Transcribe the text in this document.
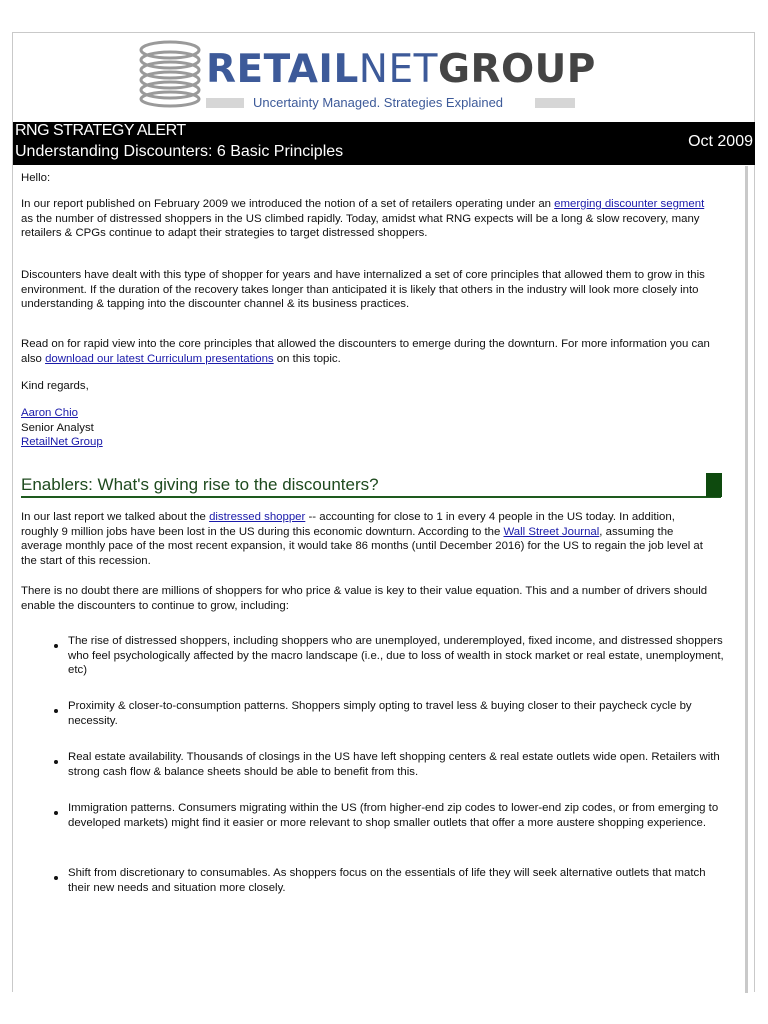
RETAILNETGROUP
Uncertainty Managed. Strategies Explained
RNG STRATEGY ALERT
Understanding Discounters: 6 Basic Principles
Oct 2009
Hello:
In our report published on February 2009 we introduced the notion of a set of retailers operating under an emerging discounter segment as the number of distressed shoppers in the US climbed rapidly. Today, amidst what RNG expects will be a long & slow recovery, many retailers & CPGs continue to adapt their strategies to target distressed shoppers.
Discounters have dealt with this type of shopper for years and have internalized a set of core principles that allowed them to grow in this environment. If the duration of the recovery takes longer than anticipated it is likely that others in the industry will look more closely into understanding & tapping into the discounter channel & its business practices.
Read on for rapid view into the core principles that allowed the discounters to emerge during the downturn. For more information you can also download our latest Curriculum presentations on this topic.
Kind regards,
Aaron Chio
Senior Analyst
RetailNet Group
Enablers: What's giving rise to the discounters?
In our last report we talked about the distressed shopper -- accounting for close to 1 in every 4 people in the US today. In addition, roughly 9 million jobs have been lost in the US during this economic downturn. According to the Wall Street Journal, assuming the average monthly pace of the most recent expansion, it would take 86 months (until December 2016) for the US to regain the job level at the start of this recession.
There is no doubt there are millions of shoppers for who price & value is key to their value equation. This and a number of drivers should enable the discounters to continue to grow, including:
The rise of distressed shoppers, including shoppers who are unemployed, underemployed, fixed income, and distressed shoppers who feel psychologically affected by the macro landscape (i.e., due to loss of wealth in stock market or real estate, unemployment, etc)
Proximity & closer-to-consumption patterns. Shoppers simply opting to travel less & buying closer to their paycheck cycle by necessity.
Real estate availability. Thousands of closings in the US have left shopping centers & real estate outlets wide open. Retailers with strong cash flow & balance sheets should be able to benefit from this.
Immigration patterns. Consumers migrating within the US (from higher-end zip codes to lower-end zip codes, or from emerging to developed markets) might find it easier or more relevant to shop smaller outlets that offer a more austere shopping experience.
Shift from discretionary to consumables. As shoppers focus on the essentials of life they will seek alternative outlets that match their new needs and situation more closely.
